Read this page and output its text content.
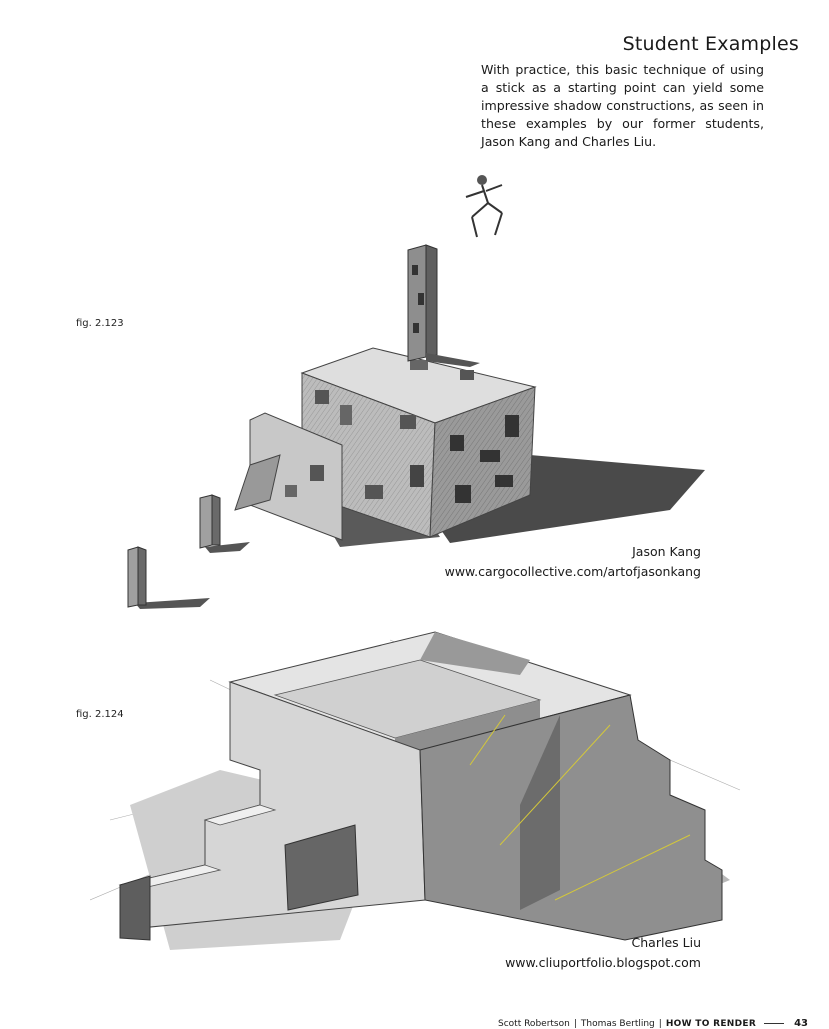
Student Examples

With practice, this basic technique of using a stick as a starting point can yield some impressive shadow constructions, as seen in these examples by our former students, Jason Kang and Charles Liu.

fig. 2.123
Jason Kang
www.cargocollective.com/artofjasonkang
fig. 2.124
Charles Liu
www.cliuportfolio.blogspot.com
Scott Robertson | Thomas Bertling | HOW TO RENDER	43
